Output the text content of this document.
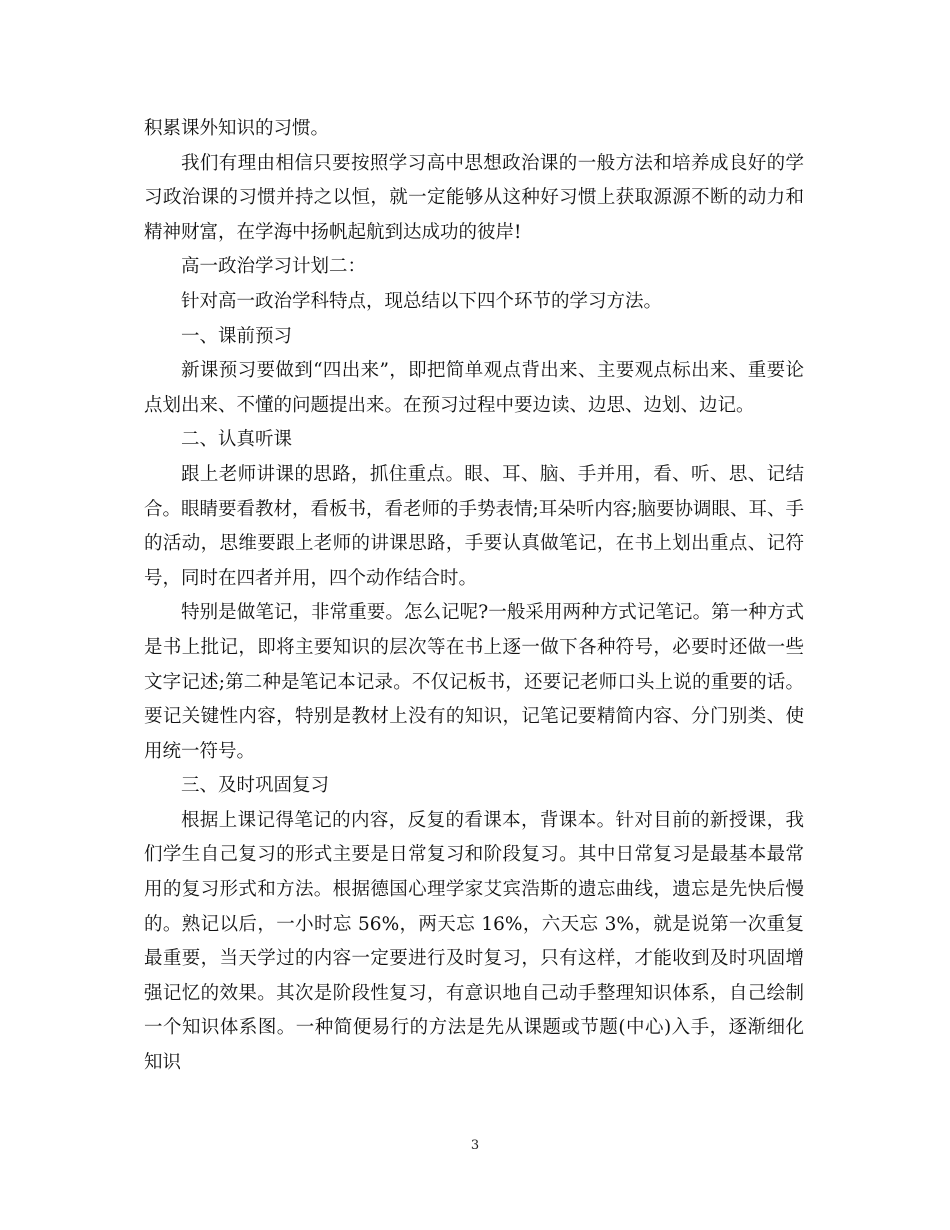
积累课外知识的习惯。

我们有理由相信只要按照学习高中思想政治课的一般方法和培养成良好的学习政治课的习惯并持之以恒，就一定能够从这种好习惯上获取源源不断的动力和精神财富，在学海中扬帆起航到达成功的彼岸!

高一政治学习计划二：

针对高一政治学科特点，现总结以下四个环节的学习方法。

一、课前预习

新课预习要做到“四出来”，即把简单观点背出来、主要观点标出来、重要论点划出来、不懂的问题提出来。在预习过程中要边读、边思、边划、边记。

二、认真听课

跟上老师讲课的思路，抓住重点。眼、耳、脑、手并用，看、听、思、记结合。眼睛要看教材，看板书，看老师的手势表情;耳朵听内容;脑要协调眼、耳、手的活动，思维要跟上老师的讲课思路，手要认真做笔记，在书上划出重点、记符号，同时在四者并用，四个动作结合时。

特别是做笔记，非常重要。怎么记呢?一般采用两种方式记笔记。第一种方式是书上批记，即将主要知识的层次等在书上逐一做下各种符号，必要时还做一些文字记述;第二种是笔记本记录。不仅记板书，还要记老师口头上说的重要的话。要记关键性内容，特别是教材上没有的知识，记笔记要精简内容、分门别类、使用统一符号。

三、及时巩固复习

根据上课记得笔记的内容，反复的看课本，背课本。针对目前的新授课，我们学生自己复习的形式主要是日常复习和阶段复习。其中日常复习是最基本最常用的复习形式和方法。根据德国心理学家艾宾浩斯的遗忘曲线，遗忘是先快后慢的。熟记以后，一小时忘 56%，两天忘 16%，六天忘 3%，就是说第一次重复最重要，当天学过的内容一定要进行及时复习，只有这样，才能收到及时巩固增强记忆的效果。其次是阶段性复习，有意识地自己动手整理知识体系，自己绘制一个知识体系图。一种简便易行的方法是先从课题或节题(中心)入手，逐渐细化知识

3
